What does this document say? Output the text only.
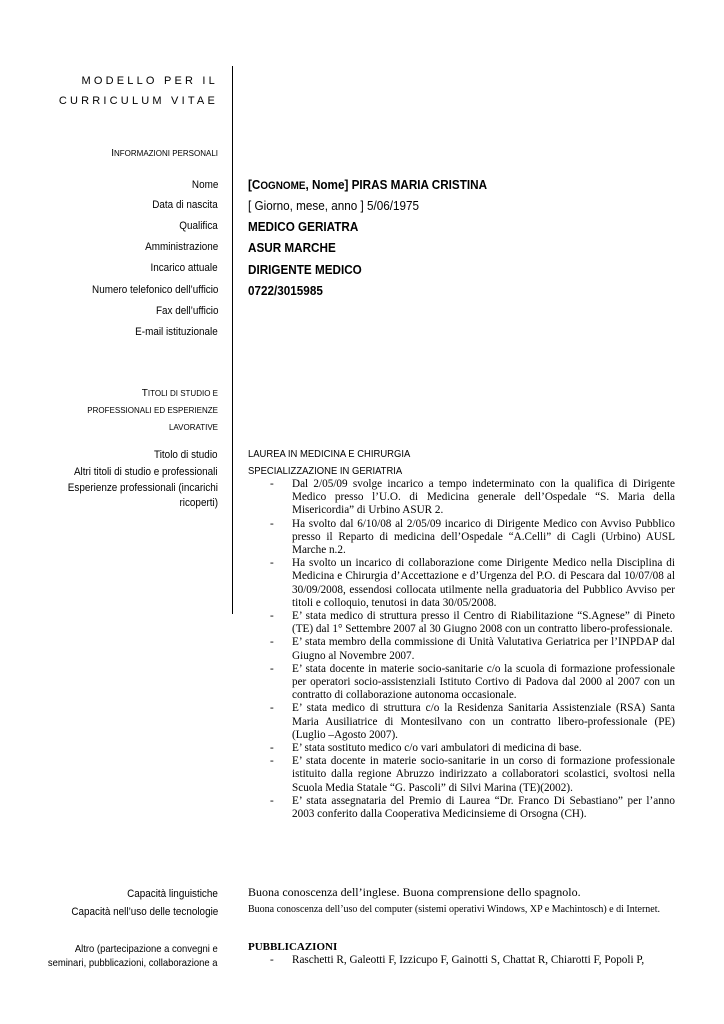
MODELLO PER IL
CURRICULUM VITAE
INFORMAZIONI PERSONALI
Nome [COGNOME, Nome] PIRAS MARIA CRISTINA
Data di nascita [ Giorno, mese, anno ] 5/06/1975
Qualifica MEDICO GERIATRA
Amministrazione ASUR MARCHE
Incarico attuale DIRIGENTE MEDICO
Numero telefonico dell’ufficio 0722/3015985
Fax dell’ufficio
E-mail istituzionale
TITOLI DI STUDIO E
PROFESSIONALI ED ESPERIENZE
LAVORATIVE
Titolo di studio	LAUREA IN MEDICINA E CHIRURGIA
Altri titoli di studio e professionali	SPECIALIZZAZIONE IN GERIATRIA
Esperienze professionali (incarichi ricoperti)
- Dal 2/05/09 svolge incarico a tempo indeterminato con la qualifica di Dirigente Medico presso l’U.O. di Medicina generale dell’Ospedale “S. Maria della Misericordia” di Urbino ASUR 2.
- Ha svolto dal 6/10/08 al 2/05/09 incarico di Dirigente Medico con Avviso Pubblico presso il Reparto di medicina dell’Ospedale “A.Celli” di Cagli (Urbino) AUSL Marche n.2.
- Ha svolto un incarico di collaborazione come Dirigente Medico nella Disciplina di Medicina e Chirurgia d’Accettazione e d’Urgenza del P.O. di Pescara dal 10/07/08 al 30/09/2008, essendosi collocata utilmente nella graduatoria del Pubblico Avviso per titoli e colloquio, tenutosi in data 30/05/2008.
- E’ stata medico di struttura presso il Centro di Riabilitazione “S.Agnese” di Pineto (TE) dal 1° Settembre 2007 al 30 Giugno 2008 con un contratto libero-professionale.
- E’ stata membro della commissione di Unità Valutativa Geriatrica per l’INPDAP dal Giugno al Novembre 2007.
- E’ stata docente in materie socio-sanitarie c/o la scuola di formazione professionale per operatori socio-assistenziali Istituto Cortivo di Padova dal 2000 al 2007 con un contratto di collaborazione autonoma occasionale.
- E’ stata medico di struttura c/o la Residenza Sanitaria Assistenziale (RSA) Santa Maria Ausiliatrice di Montesilvano con un contratto libero-professionale (PE) (Luglio –Agosto 2007).
- E’ stata sostituto medico c/o vari ambulatori di medicina di base.
- E’ stata docente in materie socio-sanitarie in un corso di formazione professionale istituito dalla regione Abruzzo indirizzato a collaboratori scolastici, svoltosi nella Scuola Media Statale “G. Pascoli” di Silvi Marina (TE)(2002).
- E’ stata assegnataria del Premio di Laurea “Dr. Franco Di Sebastiano” per l’anno 2003 conferito dalla Cooperativa Medicinsieme di Orsogna (CH).
Capacità linguistiche	Buona conoscenza dell’inglese. Buona comprensione dello spagnolo.
Capacità nell’uso delle tecnologie	Buona conoscenza dell’uso del computer (sistemi operativi Windows, XP e Machintosch) e di Internet.
Altro (partecipazione a convegni e
seminari, pubblicazioni, collaborazione a
PUBBLICAZIONI
- Raschetti R, Galeotti F, Izzicupo F, Gainotti S, Chattat R, Chiarotti F, Popoli P,
